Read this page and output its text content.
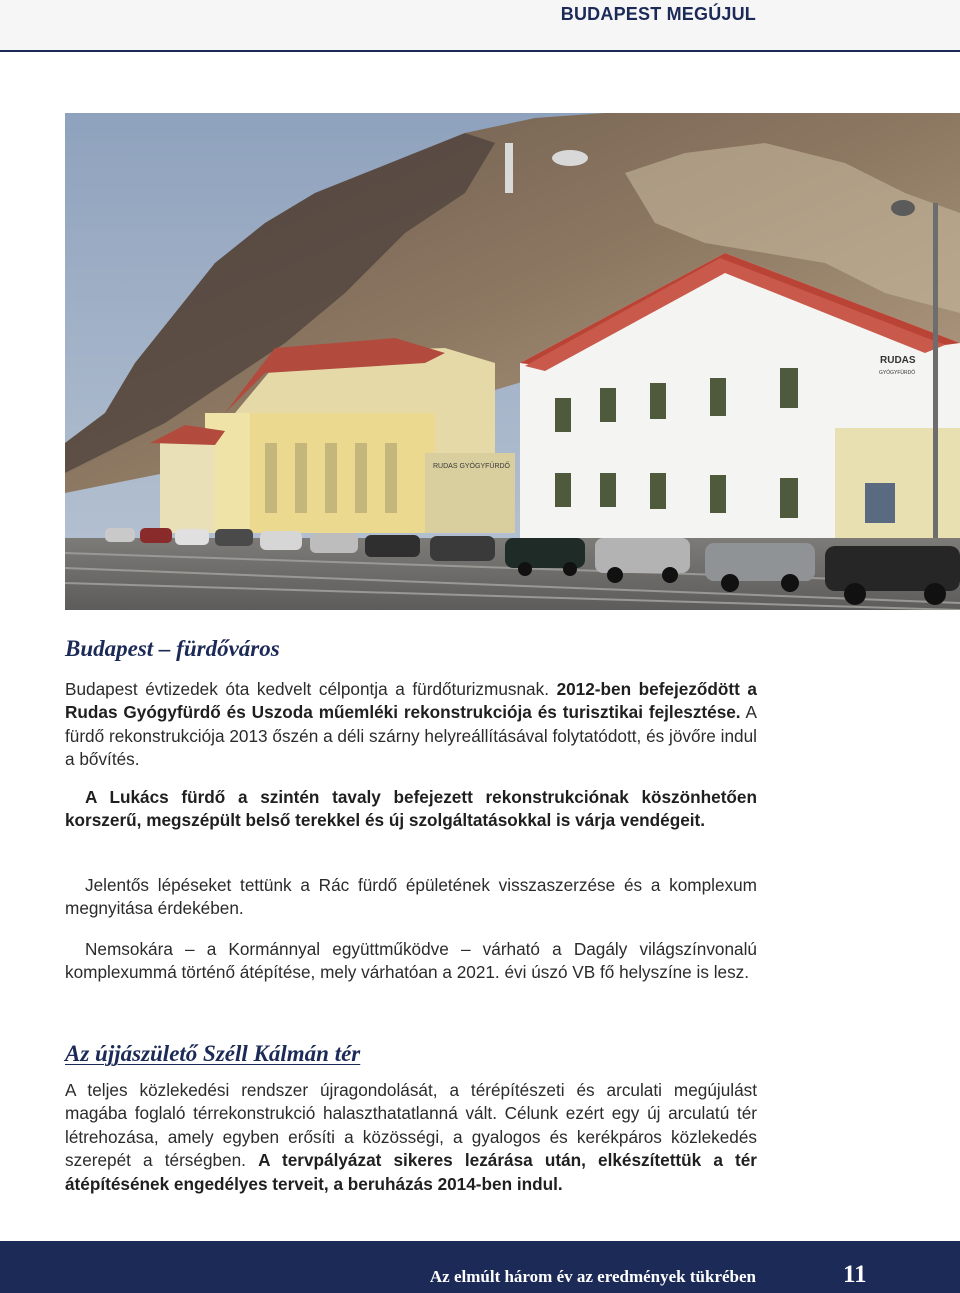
BUDAPEST MEGÚJUL
RUDAS GYÓGYFÜRDŐ
RUDAS
GYÓGYFÜRDŐ
Budapest – fürdőváros

Budapest évtizedek óta kedvelt célpontja a fürdőturizmusnak. 2012-ben befejeződött a Rudas Gyógyfürdő és Uszoda műemléki rekonstrukciója és turisztikai fejlesztése. A fürdő rekonstrukciója 2013 őszén a déli szárny helyreállításával folytatódott, és jövőre indul a bővítés.

A Lukács fürdő a szintén tavaly befejezett rekonstrukciónak köszönhetően korszerű, megszépült belső terekkel és új szolgáltatásokkal is várja vendégeit.

Jelentős lépéseket tettünk a Rác fürdő épületének visszaszerzése és a komplexum megnyitása érdekében.

Nemsokára – a Kormánnyal együttműködve – várható a Dagály világszínvonalú komplexummá történő átépítése, mely várhatóan a 2021. évi úszó VB fő helyszíne is lesz.

Az újjászülető Széll Kálmán tér

A teljes közlekedési rendszer újragondolását, a térépítészeti és arculati megújulást magába foglaló térrekonstrukció halaszthatatlanná vált. Célunk ezért egy új arculatú tér létrehozása, amely egyben erősíti a közösségi, a gyalogos és kerékpáros közlekedés szerepét a térségben. A tervpályázat sikeres lezárása után, elkészítettük a tér átépítésének engedélyes terveit, a beruházás 2014-ben indul.

Az elmúlt három év az eredmények tükrében	11
